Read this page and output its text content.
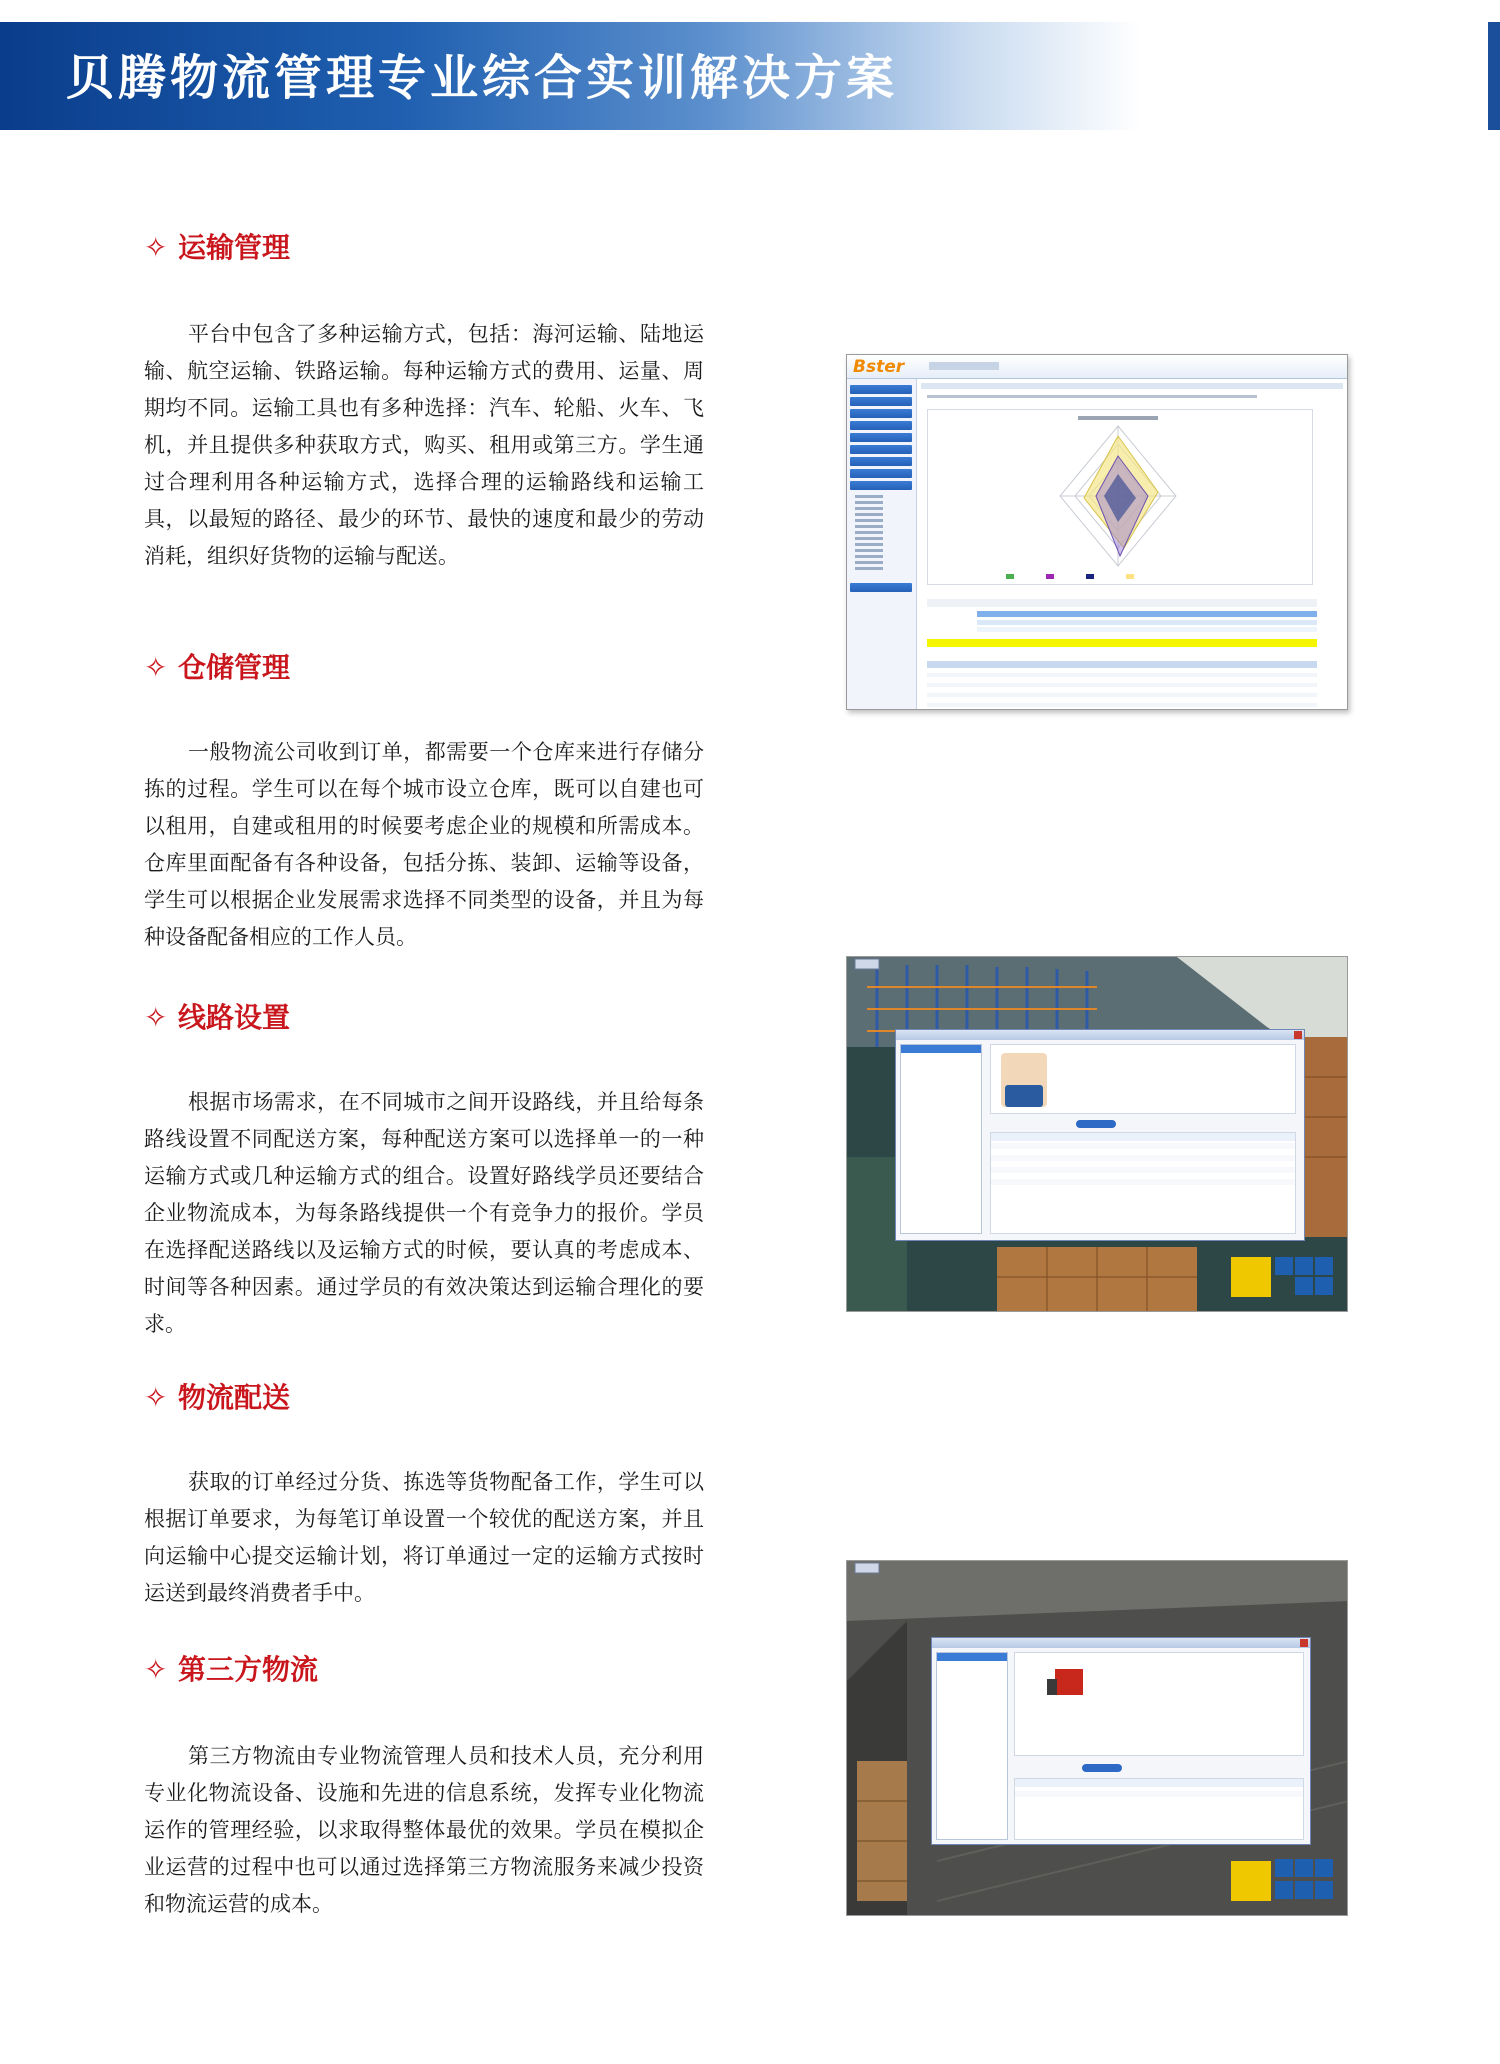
贝腾物流管理专业综合实训解决方案
✧ 运输管理

平台中包含了多种运输方式，包括：海河运输、陆地运输、航空运输、铁路运输。每种运输方式的费用、运量、周期均不同。运输工具也有多种选择：汽车、轮船、火车、飞机，并且提供多种获取方式，购买、租用或第三方。学生通过合理利用各种运输方式，选择合理的运输路线和运输工具，以最短的路径、最少的环节、最快的速度和最少的劳动消耗，组织好货物的运输与配送。

✧ 仓储管理

一般物流公司收到订单，都需要一个仓库来进行存储分拣的过程。学生可以在每个城市设立仓库，既可以自建也可以租用，自建或租用的时候要考虑企业的规模和所需成本。仓库里面配备有各种设备，包括分拣、装卸、运输等设备，学生可以根据企业发展需求选择不同类型的设备，并且为每种设备配备相应的工作人员。

✧ 线路设置

根据市场需求，在不同城市之间开设路线，并且给每条路线设置不同配送方案，每种配送方案可以选择单一的一种运输方式或几种运输方式的组合。设置好路线学员还要结合企业物流成本，为每条路线提供一个有竞争力的报价。学员在选择配送路线以及运输方式的时候，要认真的考虑成本、时间等各种因素。通过学员的有效决策达到运输合理化的要求。

✧ 物流配送

获取的订单经过分货、拣选等货物配备工作，学生可以根据订单要求，为每笔订单设置一个较优的配送方案，并且向运输中心提交运输计划，将订单通过一定的运输方式按时运送到最终消费者手中。

✧ 第三方物流

第三方物流由专业物流管理人员和技术人员，充分利用专业化物流设备、设施和先进的信息系统，发挥专业化物流运作的管理经验，以求取得整体最优的效果。学员在模拟企业运营的过程中也可以通过选择第三方物流服务来减少投资和物流运营的成本。

Bster
